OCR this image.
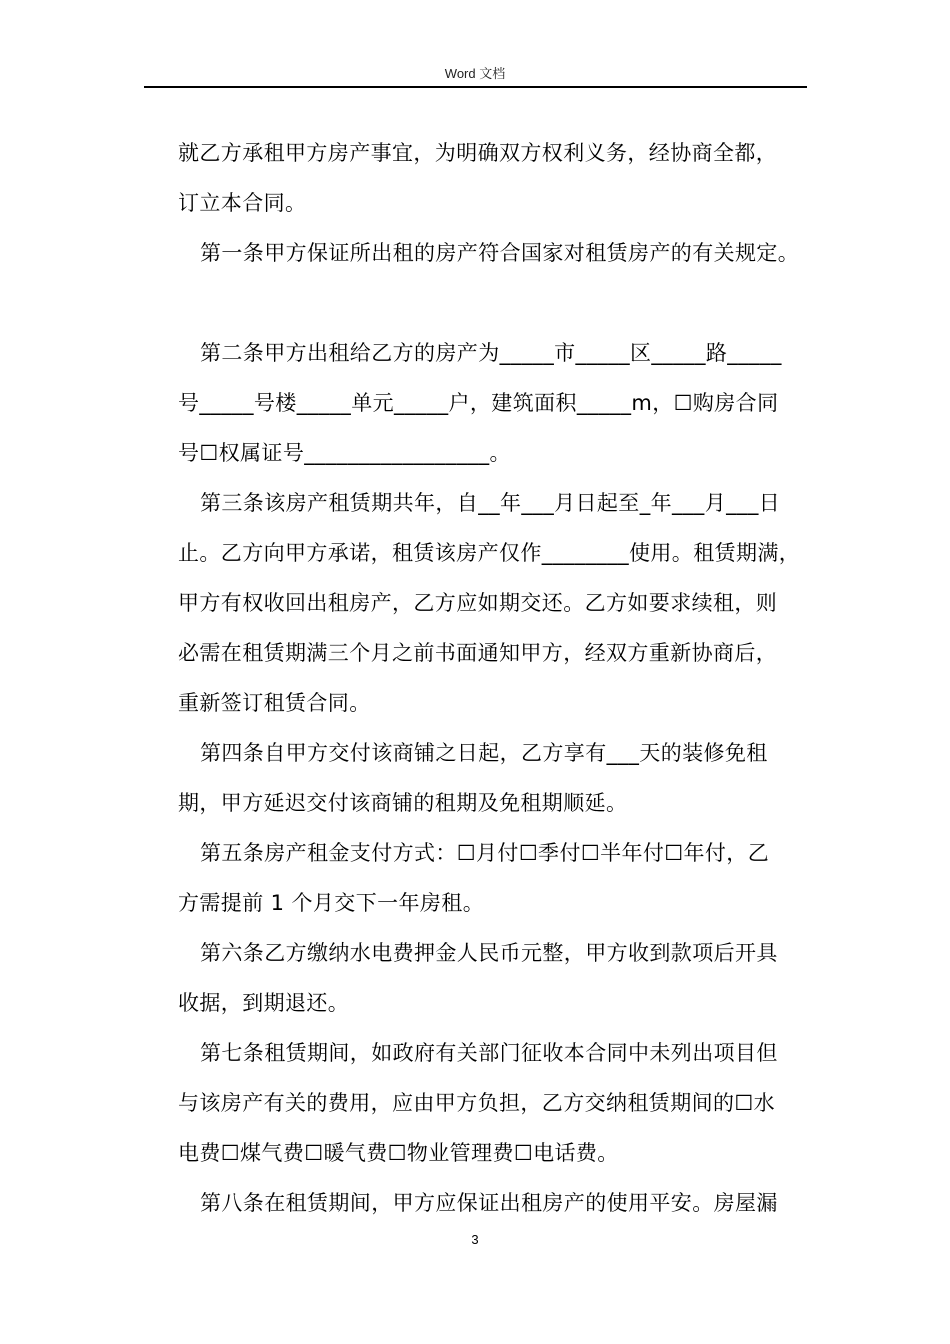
Word 文档
就乙方承租甲方房产事宜，为明确双方权利义务，经协商全都，
订立本合同。
第一条甲方保证所出租的房产符合国家对租赁房产的有关规定。
第二条甲方出租给乙方的房产为_____市_____区_____路_____
号_____号楼_____单元_____户，建筑面积_____m，☐购房合同
号☐权属证号_________________。
第三条该房产租赁期共年，自__年___月日起至_年___月___日
止。乙方向甲方承诺，租赁该房产仅作________使用。租赁期满，
甲方有权收回出租房产，乙方应如期交还。乙方如要求续租，则
必需在租赁期满三个月之前书面通知甲方，经双方重新协商后，
重新签订租赁合同。
第四条自甲方交付该商铺之日起，乙方享有___天的装修免租
期，甲方延迟交付该商铺的租期及免租期顺延。
第五条房产租金支付方式：☐月付☐季付☐半年付☐年付，乙
方需提前 1 个月交下一年房租。
第六条乙方缴纳水电费押金人民币元整，甲方收到款项后开具
收据，到期退还。
第七条租赁期间，如政府有关部门征收本合同中未列出项目但
与该房产有关的费用，应由甲方负担，乙方交纳租赁期间的☐水
电费☐煤气费☐暖气费☐物业管理费☐电话费。
第八条在租赁期间，甲方应保证出租房产的使用平安。房屋漏
3
